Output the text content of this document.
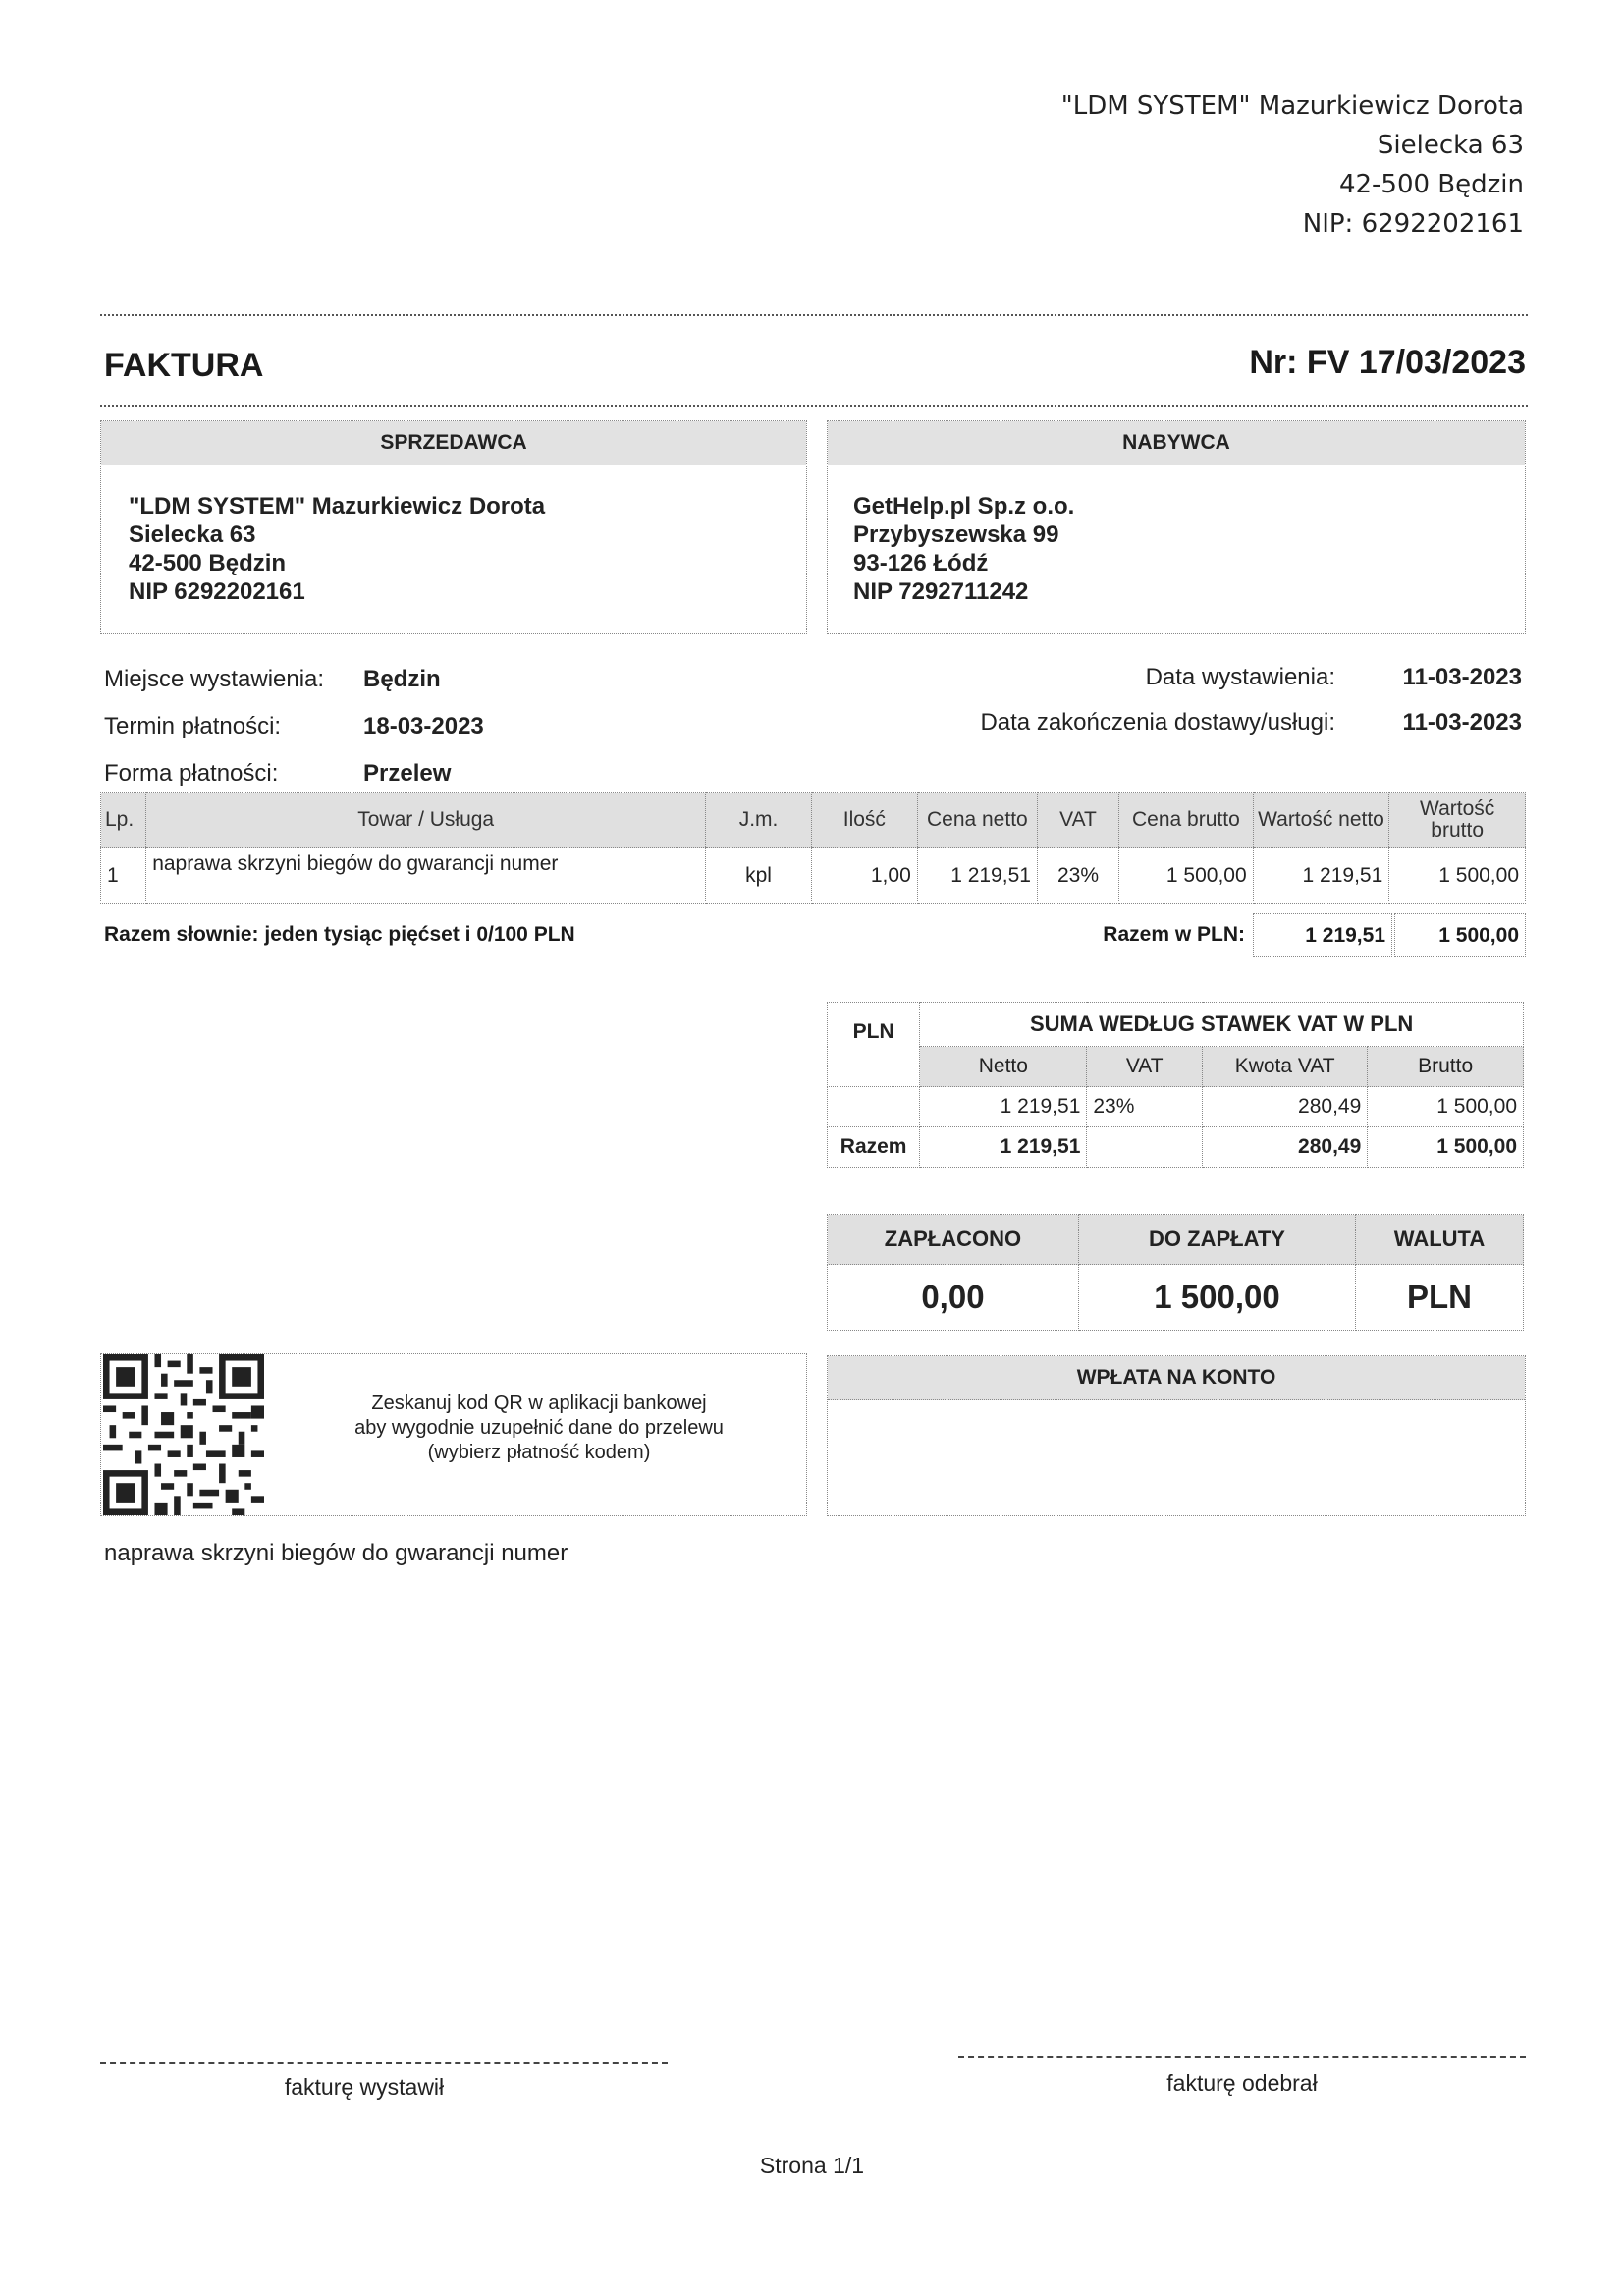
"LDM SYSTEM" Mazurkiewicz Dorota
Sielecka 63
42-500 Będzin
NIP: 6292202161
FAKTURA	Nr: FV 17/03/2023
SPRZEDAWCA
"LDM SYSTEM" Mazurkiewicz Dorota
Sielecka 63
42-500 Będzin
NIP 6292202161
NABYWCA
GetHelp.pl Sp.z o.o.
Przybyszewska 99
93-126 Łódź
NIP 7292711242
Miejsce wystawienia: Będzin
Termin płatności:	18-03-2023
Forma płatności:	Przelew
Data wystawienia:	11-03-2023
Data zakończenia dostawy/usługi:	11-03-2023
Lp.	Towar / Usługa	J.m.	Ilość	Cena netto	VAT	Cena brutto	Wartość netto	Wartość brutto
1	naprawa skrzyni biegów do gwarancji numer	kpl	1,00	1 219,51	23%	1 500,00	1 219,51	1 500,00
Razem słownie: jeden tysiąc pięćset i 0/100 PLN	Razem w PLN:	1 219,51	1 500,00
PLN	SUMA WEDŁUG STAWEK VAT W PLN			
	Netto	VAT	Kwota VAT	Brutto
	1 219,51	23%	280,49	1 500,00
Razem	1 219,51		280,49	1 500,00
ZAPŁACONO	DO ZAPŁATY	WALUTA
0,00	1 500,00	PLN
Zeskanuj kod QR w aplikacji bankowej
aby wygodnie uzupełnić dane do przelewu
(wybierz płatność kodem)
WPŁATA NA KONTO
naprawa skrzyni biegów do gwarancji numer
fakturę wystawił	fakturę odebrał
Strona 1/1
